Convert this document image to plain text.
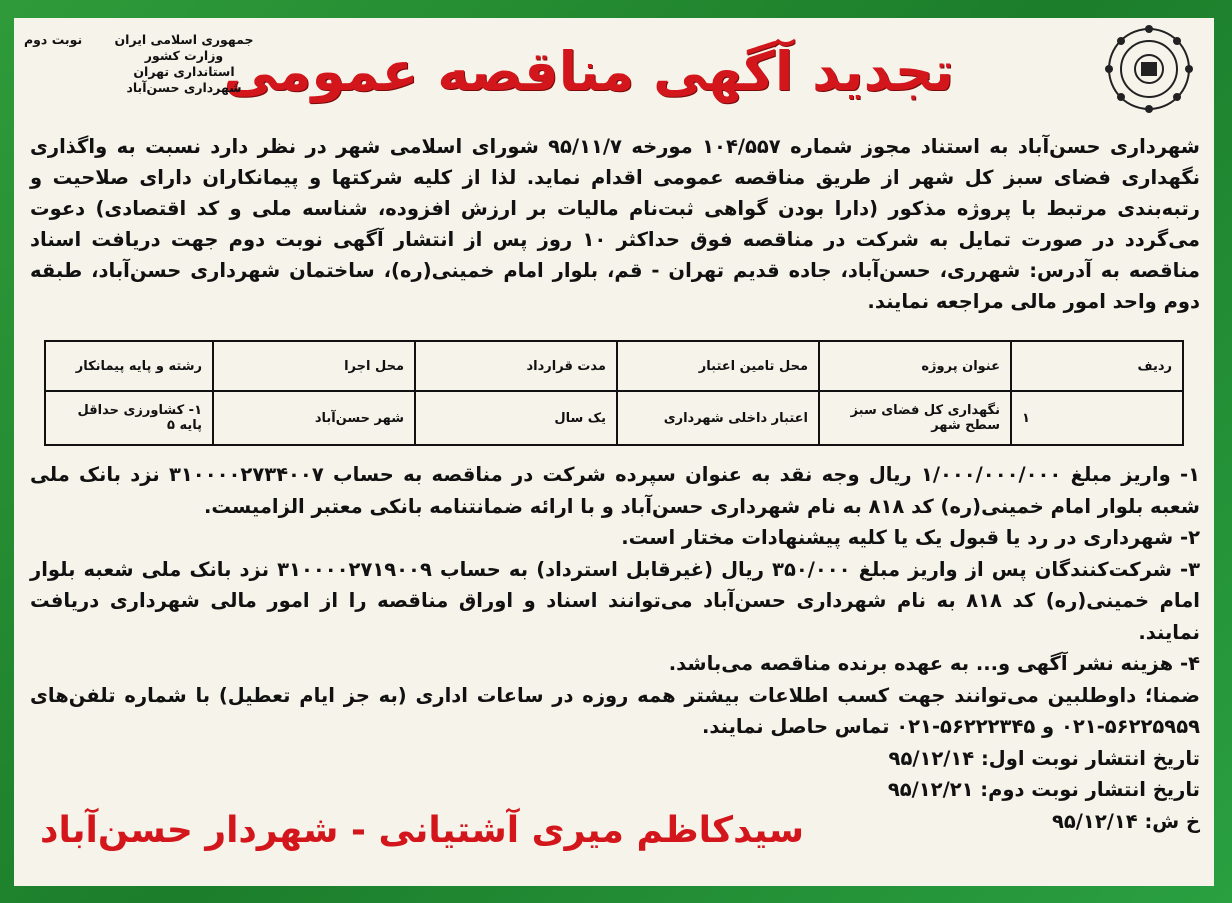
تجدید آگهی مناقصه عمومی
جمهوری اسلامی ایران
وزارت کشور
استانداری تهران
شهرداری حسن‌آباد
نوبت دوم
شهرداری حسن‌آباد به استناد مجوز شماره ۱۰۴/۵۵۷ مورخه ۹۵/۱۱/۷ شورای اسلامی شهر در نظر دارد نسبت به واگذاری نگهداری فضای سبز کل شهر از طریق مناقصه عمومی اقدام نماید. لذا از کلیه شرکتها و پیمانکاران دارای صلاحیت و رتبه‌بندی مرتبط با پروژه مذکور (دارا بودن گواهی ثبت‌نام مالیات بر ارزش افزوده، شناسه ملی و کد اقتصادی) دعوت می‌گردد در صورت تمایل به شرکت در مناقصه فوق حداکثر ۱۰ روز پس از انتشار آگهی نوبت دوم جهت دریافت اسناد مناقصه به آدرس: شهرری، حسن‌آباد، جاده قدیم تهران - قم، بلوار امام خمینی(ره)، ساختمان شهرداری حسن‌آباد، طبقه دوم واحد امور مالی مراجعه نمایند.
ردیف	عنوان پروژه	محل تامین اعتبار	مدت قرارداد	محل اجرا	رشته و پایه پیمانکار
۱	نگهداری کل فضای سبز سطح شهر	اعتبار داخلی شهرداری	یک سال	شهر حسن‌آباد	۱- کشاورزی حداقل پایه ۵

۱- واریز مبلغ ۱/۰۰۰/۰۰۰/۰۰۰ ریال وجه نقد به عنوان سپرده شرکت در مناقصه به حساب ۳۱۰۰۰۰۲۷۳۴۰۰۷ نزد بانک ملی شعبه بلوار امام خمینی(ره) کد ۸۱۸ به نام شهرداری حسن‌آباد و با ارائه ضمانتنامه بانکی معتبر الزامیست.

۲- شهرداری در رد یا قبول یک یا کلیه پیشنهادات مختار است.

۳- شرکت‌کنندگان پس از واریز مبلغ ۳۵۰/۰۰۰ ریال (غیرقابل استرداد) به حساب ۳۱۰۰۰۰۲۷۱۹۰۰۹ نزد بانک ملی شعبه بلوار امام خمینی(ره) کد ۸۱۸ به نام شهرداری حسن‌آباد می‌توانند اسناد و اوراق مناقصه را از امور مالی شهرداری دریافت نمایند.

۴- هزینه نشر آگهی و... به عهده برنده مناقصه می‌باشد.

ضمنا؛ داوطلبین می‌توانند جهت کسب اطلاعات بیشتر همه روزه در ساعات اداری (به جز ایام تعطیل) با شماره تلفن‌های ۵۶۲۲۵۹۵۹-۰۲۱ و ۵۶۲۲۲۳۴۵-۰۲۱ تماس حاصل نمایند.

تاریخ انتشار نوبت اول: ۹۵/۱۲/۱۴

تاریخ انتشار نوبت دوم: ۹۵/۱۲/۲۱

خ ش: ۹۵/۱۲/۱۴

سیدکاظم میری آشتیانی - شهردار حسن‌آباد
